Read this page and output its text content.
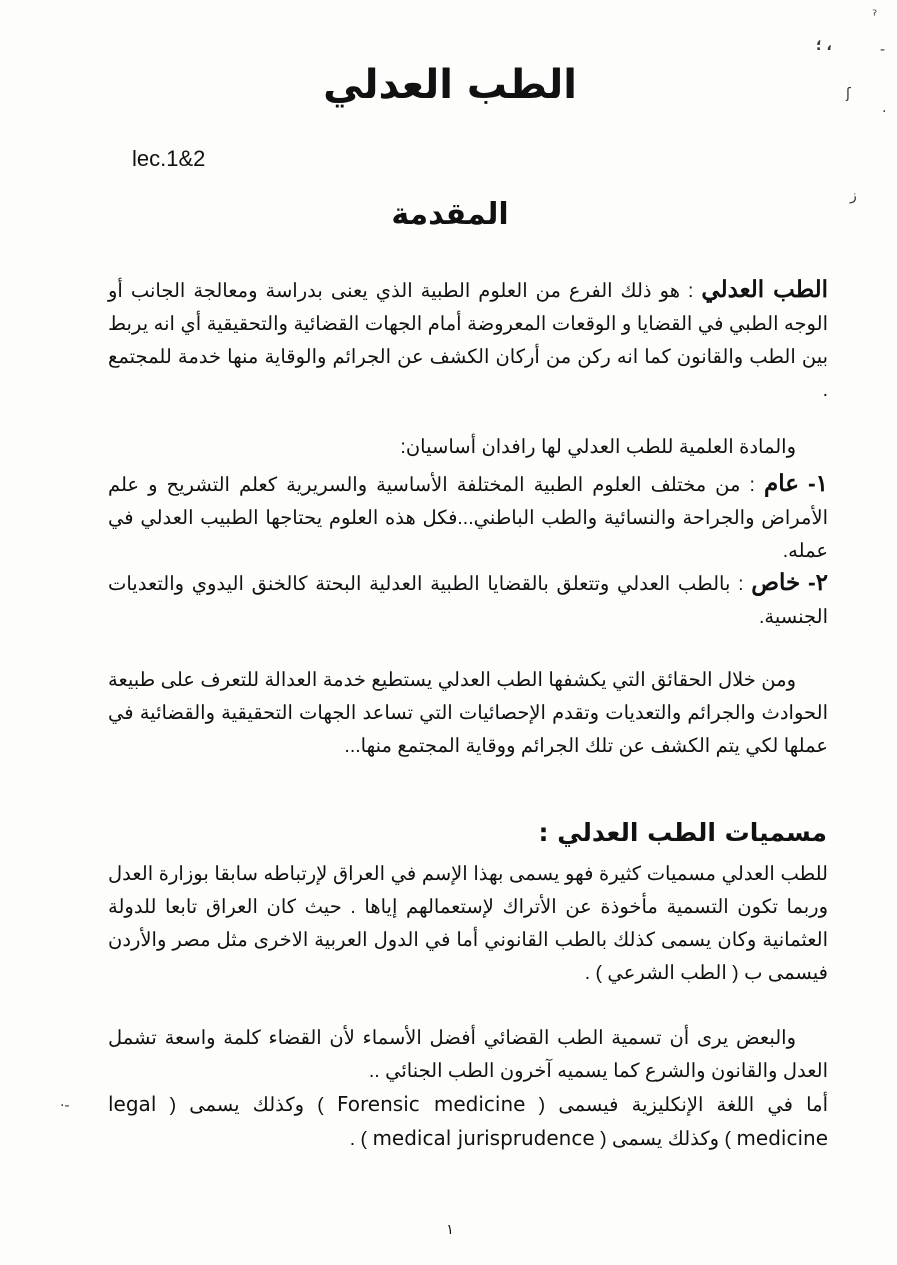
الطب العدلي
lec.1&2
المقدمة
الطب العدلي : هو ذلك الفرع من العلوم الطبية الذي يعنى بدراسة ومعالجة الجانب أو الوجه الطبي في القضايا و الوقعات المعروضة أمام الجهات القضائية والتحقيقية أي انه يربط بين الطب والقانون كما انه ركن من أركان الكشف عن الجرائم والوقاية منها خدمة للمجتمع .
والمادة العلمية للطب العدلي لها رافدان أساسيان:
١- عام : من مختلف العلوم الطبية المختلفة الأساسية والسريرية كعلم التشريح و علم الأمراض والجراحة والنسائية والطب الباطني...فكل هذه العلوم يحتاجها الطبيب العدلي في عمله.
٢- خاص : بالطب العدلي وتتعلق بالقضايا الطبية العدلية البحتة كالخنق اليدوي والتعديات الجنسية.
ومن خلال الحقائق التي يكشفها الطب العدلي يستطيع خدمة العدالة للتعرف على طبيعة الحوادث والجرائم والتعديات وتقدم الإحصائيات التي تساعد الجهات التحقيقية والقضائية في عملها لكي يتم الكشف عن تلك الجرائم ووقاية المجتمع منها...
مسميات الطب العدلي :
للطب العدلي مسميات كثيرة فهو يسمى بهذا الإسم في العراق لإرتباطه سابقا بوزارة العدل وربما تكون التسمية مأخوذة عن الأتراك لإستعمالهم إياها . حيث كان العراق تابعا للدولة العثمانية وكان يسمى كذلك بالطب القانوني أما في الدول العربية الاخرى مثل مصر والأردن فيسمى ب ( الطب الشرعي ) .
والبعض يرى أن تسمية الطب القضائي أفضل الأسماء لأن القضاء كلمة واسعة تشمل العدل والقانون والشرع كما يسميه آخرون الطب الجنائي ..
أما في اللغة الإنكليزية فيسمى ( Forensic medicine ) وكذلك يسمى ( legal medicine ) وكذلك يسمى ( medical jurisprudence ) .
١
ˀ
؛ ،	-
ʃ
·
ز
·-
